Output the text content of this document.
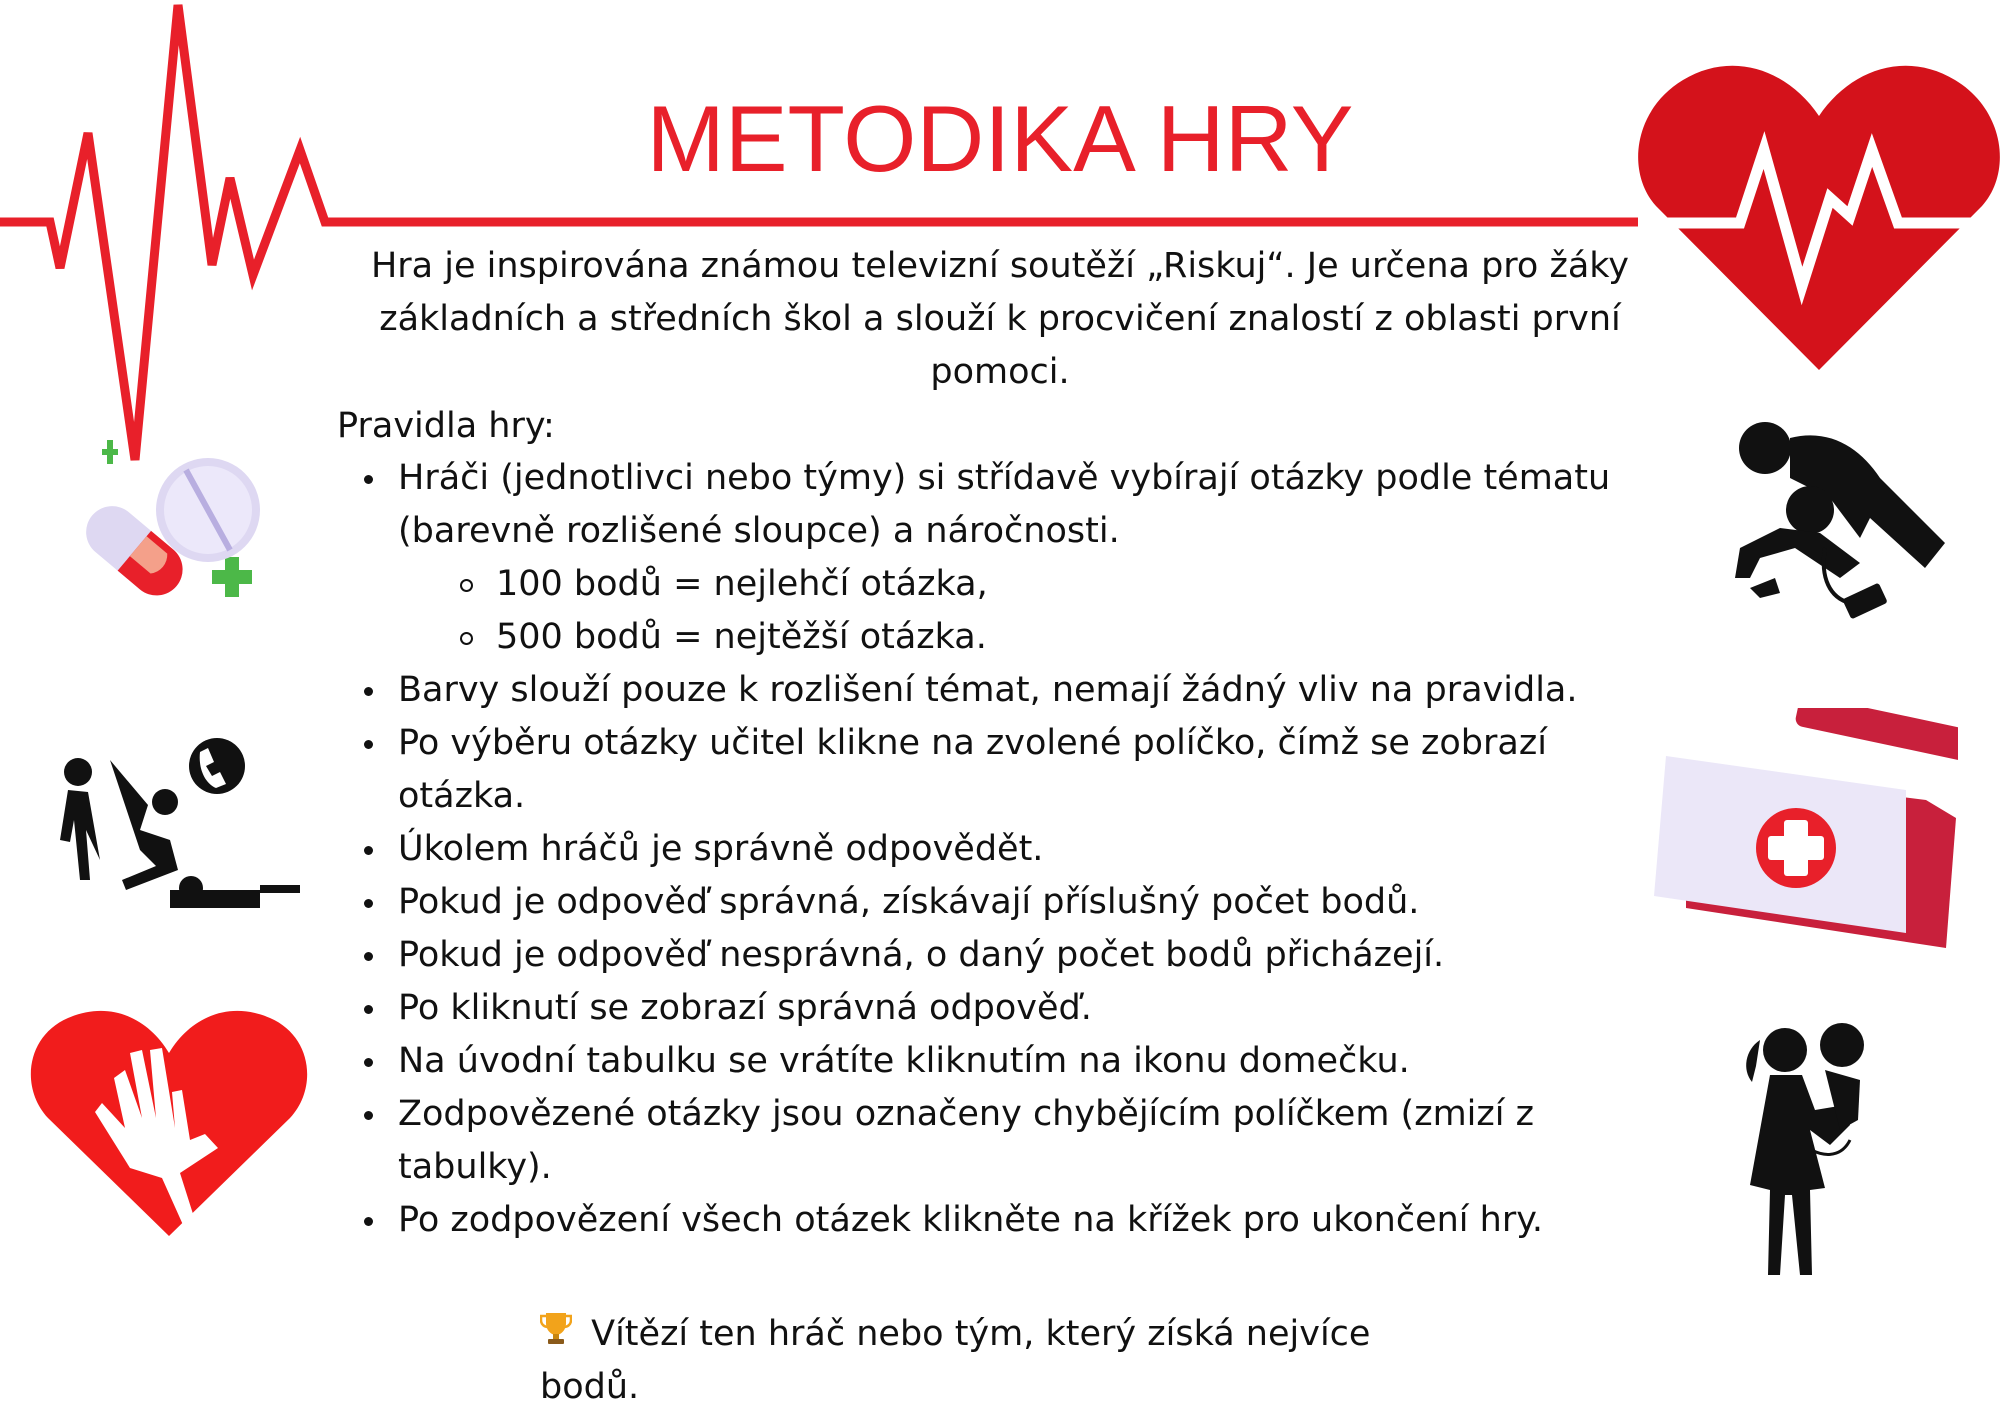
METODIKA HRY
Hra je inspirována známou televizní soutěží „Riskuj“. Je určena pro žáky základních a středních škol a slouží k procvičení znalostí z oblasti první pomoci.
Pravidla hry:
Hráči (jednotlivci nebo týmy) si střídavě vybírají otázky podle tématu (barevně rozlišené sloupce) a náročnosti.
100 bodů = nejlehčí otázka,
500 bodů = nejtěžší otázka.
Barvy slouží pouze k rozlišení témat, nemají žádný vliv na pravidla.
Po výběru otázky učitel klikne na zvolené políčko, čímž se zobrazí otázka.
Úkolem hráčů je správně odpovědět.
Pokud je odpověď správná, získávají příslušný počet bodů.
Pokud je odpověď nesprávná, o daný počet bodů přicházejí.
Po kliknutí se zobrazí správná odpověď.
Na úvodní tabulku se vrátíte kliknutím na ikonu domečku.
Zodpovězené otázky jsou označeny chybějícím políčkem (zmizí z tabulky).
Po zodpovězení všech otázek klikněte na křížek pro ukončení hry.
Vítězí ten hráč nebo tým, který získá nejvíce bodů.
